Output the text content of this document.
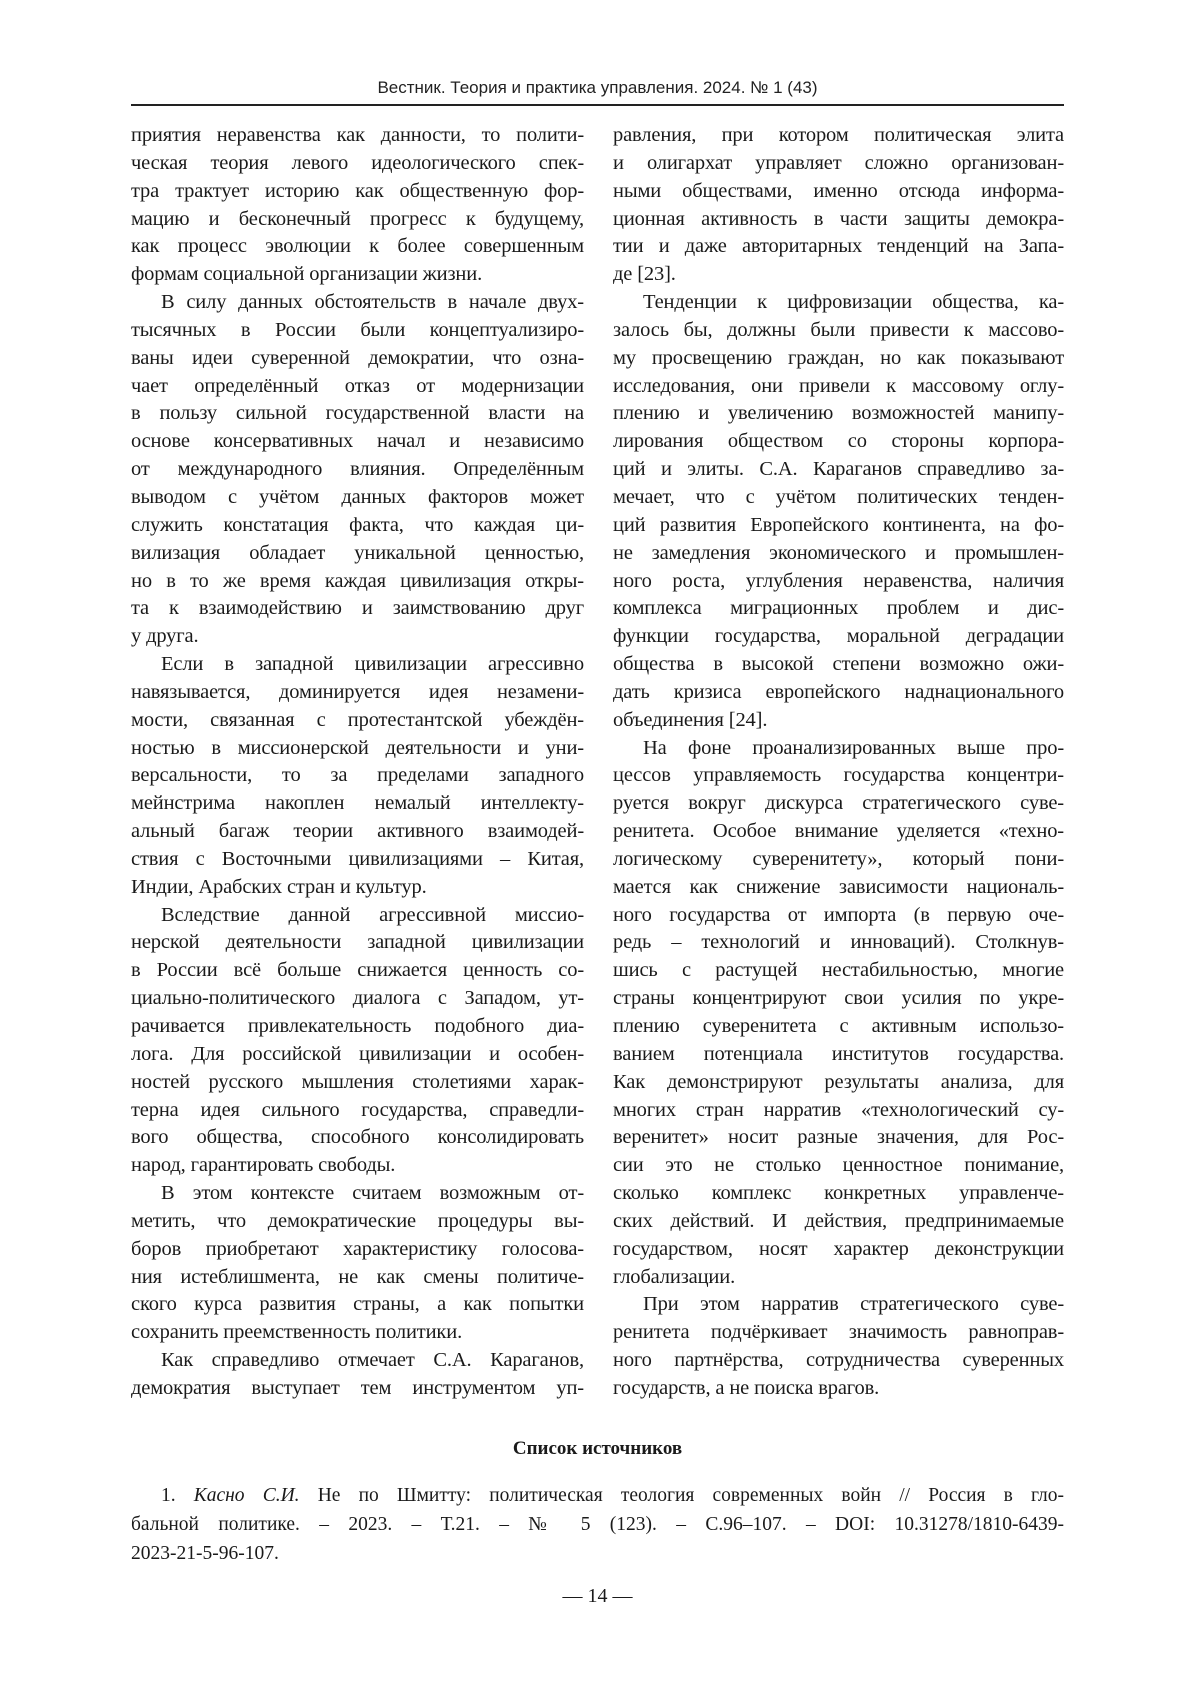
Вестник. Теория и практика управления. 2024. № 1 (43)
приятия неравенства как данности, то полити-
ческая теория левого идеологического спек-
тра трактует историю как общественную фор-
мацию и бесконечный прогресс к будущему,
как процесс эволюции к более совершенным
формам социальной организации жизни.
В силу данных обстоятельств в начале двух-
тысячных в России были концептуализиро-
ваны идеи суверенной демократии, что озна-
чает определённый отказ от модернизации
в пользу сильной государственной власти на
основе консервативных начал и независимо
от международного влияния. Определённым
выводом с учётом данных факторов может
служить констатация факта, что каждая ци-
вилизация обладает уникальной ценностью,
но в то же время каждая цивилизация откры-
та к взаимодействию и заимствованию друг
у друга.
Если в западной цивилизации агрессивно
навязывается, доминируется идея незамени-
мости, связанная с протестантской убеждён-
ностью в миссионерской деятельности и уни-
версальности, то за пределами западного
мейнстрима накоплен немалый интеллекту-
альный багаж теории активного взаимодей-
ствия с Восточными цивилизациями – Китая,
Индии, Арабских стран и культур.
Вследствие данной агрессивной миссио-
нерской деятельности западной цивилизации
в России всё больше снижается ценность со-
циально-политического диалога с Западом, ут-
рачивается привлекательность подобного диа-
лога. Для российской цивилизации и особен-
ностей русского мышления столетиями харак-
терна идея сильного государства, справедли-
вого общества, способного консолидировать
народ, гарантировать свободы.
В этом контексте считаем возможным от-
метить, что демократические процедуры вы-
боров приобретают характеристику голосова-
ния истеблишмента, не как смены политиче-
ского курса развития страны, а как попытки
сохранить преемственность политики.
Как справедливо отмечает С.А. Караганов,
демократия выступает тем инструментом уп-
равления, при котором политическая элита
и олигархат управляет сложно организован-
ными обществами, именно отсюда информа-
ционная активность в части защиты демокра-
тии и даже авторитарных тенденций на Запа-
де [23].
Тенденции к цифровизации общества, ка-
залось бы, должны были привести к массово-
му просвещению граждан, но как показывают
исследования, они привели к массовому оглу-
плению и увеличению возможностей манипу-
лирования обществом со стороны корпора-
ций и элиты. С.А. Караганов справедливо за-
мечает, что с учётом политических тенден-
ций развития Европейского континента, на фо-
не замедления экономического и промышлен-
ного роста, углубления неравенства, наличия
комплекса миграционных проблем и дис-
функции государства, моральной деградации
общества в высокой степени возможно ожи-
дать кризиса европейского наднационального
объединения [24].
На фоне проанализированных выше про-
цессов управляемость государства концентри-
руется вокруг дискурса стратегического суве-
ренитета. Особое внимание уделяется «техно-
логическому суверенитету», который пони-
мается как снижение зависимости националь-
ного государства от импорта (в первую оче-
редь – технологий и инноваций). Столкнув-
шись с растущей нестабильностью, многие
страны концентрируют свои усилия по укре-
плению суверенитета с активным использо-
ванием потенциала институтов государства.
Как демонстрируют результаты анализа, для
многих стран нарратив «технологический су-
веренитет» носит разные значения, для Рос-
сии это не столько ценностное понимание,
сколько комплекс конкретных управленче-
ских действий. И действия, предпринимаемые
государством, носят характер деконструкции
глобализации.
При этом нарратив стратегического суве-
ренитета подчёркивает значимость равноправ-
ного партнёрства, сотрудничества суверенных
государств, а не поиска врагов.
Список источников
1. Касно С.И. Не по Шмитту: политическая теология современных войн // Россия в гло-
бальной политике. – 2023. – Т.21. – № 5 (123). – С.96–107. – DOI: 10.31278/1810-6439-
2023-21-5-96-107.
— 14 —
